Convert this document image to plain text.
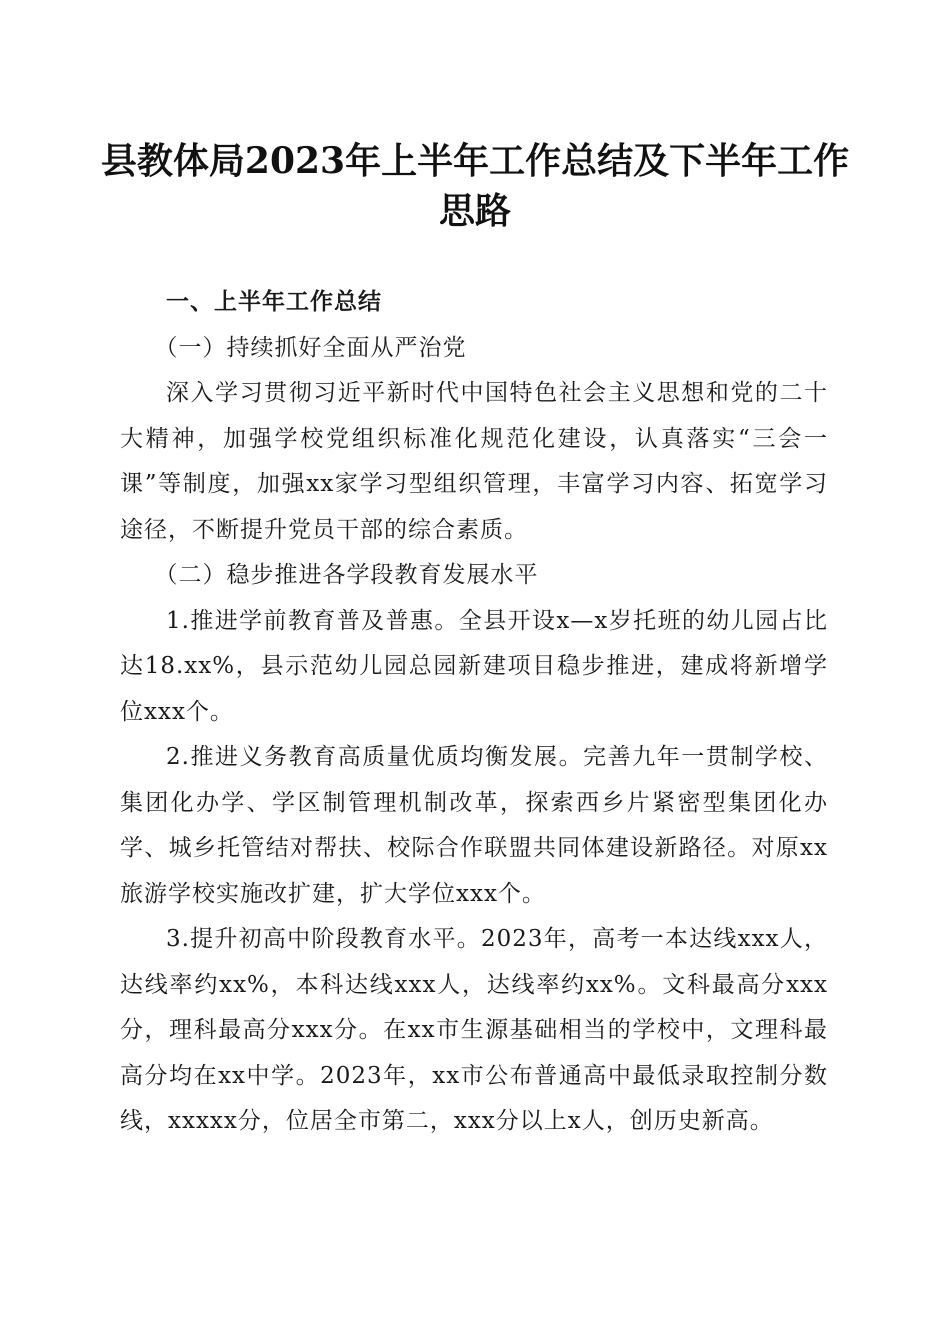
县教体局2023年上半年工作总结及下半年工作思路

一、上半年工作总结

（一）持续抓好全面从严治党

深入学习贯彻习近平新时代中国特色社会主义思想和党的二十大精神，加强学校党组织标准化规范化建设，认真落实“三会一课”等制度，加强xx家学习型组织管理，丰富学习内容、拓宽学习途径，不断提升党员干部的综合素质。

（二）稳步推进各学段教育发展水平

1.推进学前教育普及普惠。全县开设x—x岁托班的幼儿园占比达18.xx%，县示范幼儿园总园新建项目稳步推进，建成将新增学位xxx个。

2.推进义务教育高质量优质均衡发展。完善九年一贯制学校、集团化办学、学区制管理机制改革，探索西乡片紧密型集团化办学、城乡托管结对帮扶、校际合作联盟共同体建设新路径。对原xx旅游学校实施改扩建，扩大学位xxx个。

3.提升初高中阶段教育水平。2023年，高考一本达线xxx人，达线率约xx%，本科达线xxx人，达线率约xx%。文科最高分xxx分，理科最高分xxx分。在xx市生源基础相当的学校中，文理科最高分均在xx中学。2023年，xx市公布普通高中最低录取控制分数线，xxxxx分，位居全市第二，xxx分以上x人，创历史新高。
